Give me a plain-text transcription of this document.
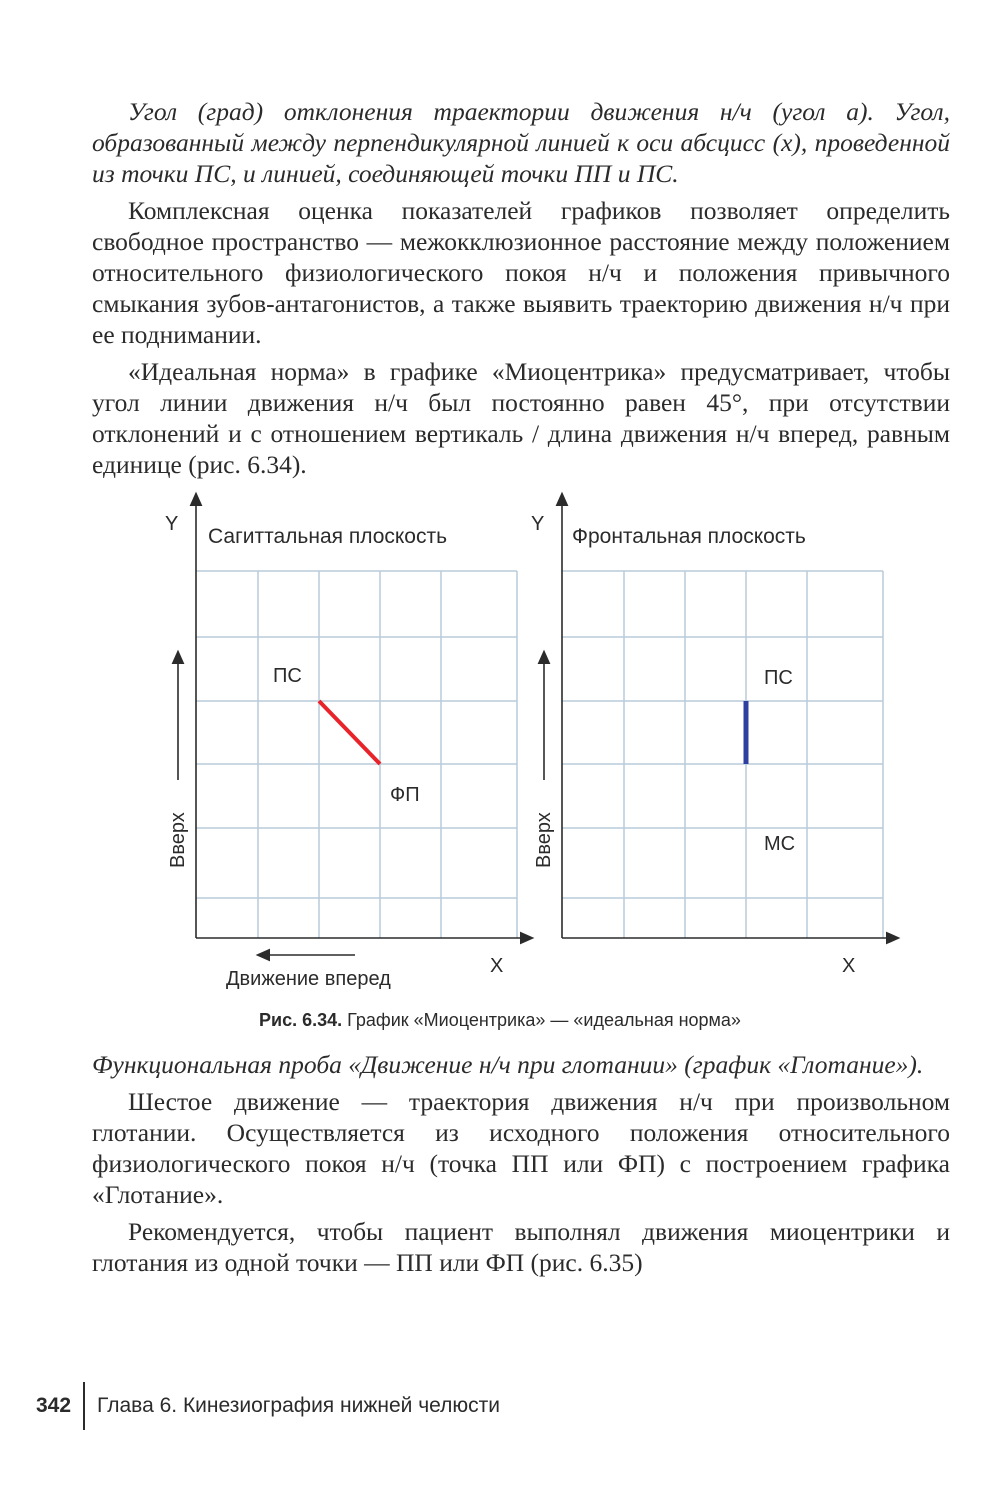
Угол (град) отклонения траектории движения н/ч (угол а). Угол, образованный между перпендикулярной линией к оси абсцисс (x), проведенной из точки ПС, и линией, соединяющей точки ПП и ПС.

Комплексная оценка показателей графиков позволяет определить свободное пространство — межокклюзионное расстояние между положением относительного физиологического покоя н/ч и положения привычного смыкания зубов-антагонистов, а также выявить траекторию движения н/ч при ее поднимании.

«Идеальная норма» в графике «Миоцентрика» предусматривает, чтобы угол линии движения н/ч был постоянно равен 45°, при отсутствии отклонений и с отношением вертикаль / длина движения н/ч вперед, равным единице (рис. 6.34).

Y
Сагиттальная плоскость
ПС
ФП
Вверх
X
Движение вперед
Y
Фронтальная плоскость
ПС
МС
Вверх
X
Рис. 6.34. График «Миоцентрика» — «идеальная норма»

Функциональная проба «Движение н/ч при глотании» (график «Глотание»).

Шестое движение — траектория движения н/ч при произвольном глотании. Осуществляется из исходного положения относительного физиологического покоя н/ч (точка ПП или ФП) с построением графика «Глотание».

Рекомендуется, чтобы пациент выполнял движения миоцентрики и глотания из одной точки — ПП или ФП (рис. 6.35)

342	Глава 6. Кинезиография нижней челюсти
